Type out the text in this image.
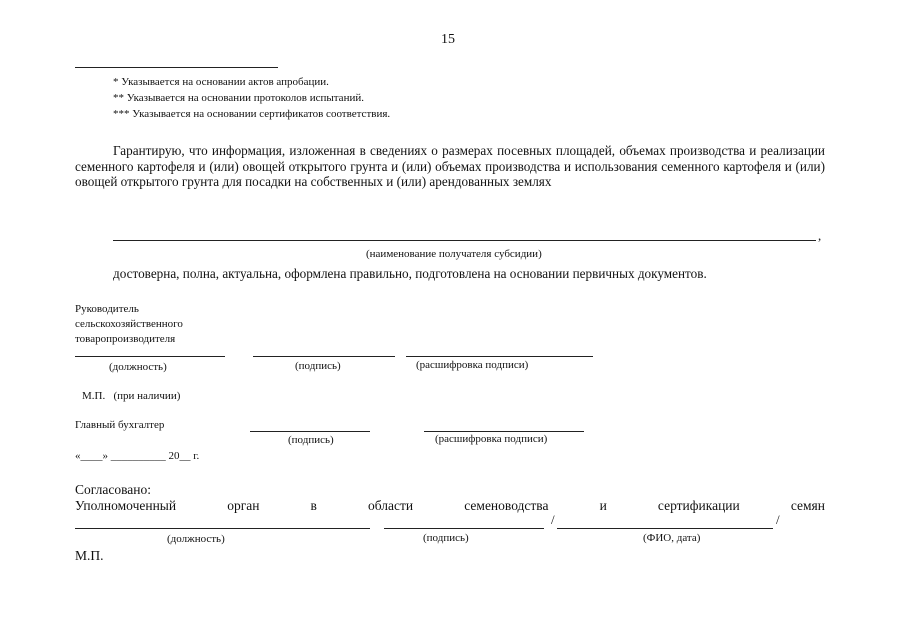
15
* Указывается на основании актов апробации.
** Указывается на основании протоколов испытаний.
*** Указывается на основании сертификатов соответствия.
Гарантирую, что информация, изложенная в сведениях о размерах посевных площадей, объемах производства и реализации семенного картофеля и (или) овощей открытого грунта и (или) объемах производства и использования семенного картофеля и (или) овощей открытого грунта для посадки на собственных и (или) арендованных землях
,
(наименование получателя субсидии)
достоверна, полна, актуальна, оформлена правильно, подготовлена на основании первичных документов.
Руководитель
сельскохозяйственного
товаропроизводителя
(должность)	(подпись)	(расшифровка подписи)
М.П.   (при наличии)
Главный бухгалтер
(подпись)	(расшифровка подписи)
«____» __________ 20__ г.
Согласовано:
Уполномоченный орган в области семеноводства и сертификации семян
/	/
(должность)	(подпись)	(ФИО, дата)
М.П.
